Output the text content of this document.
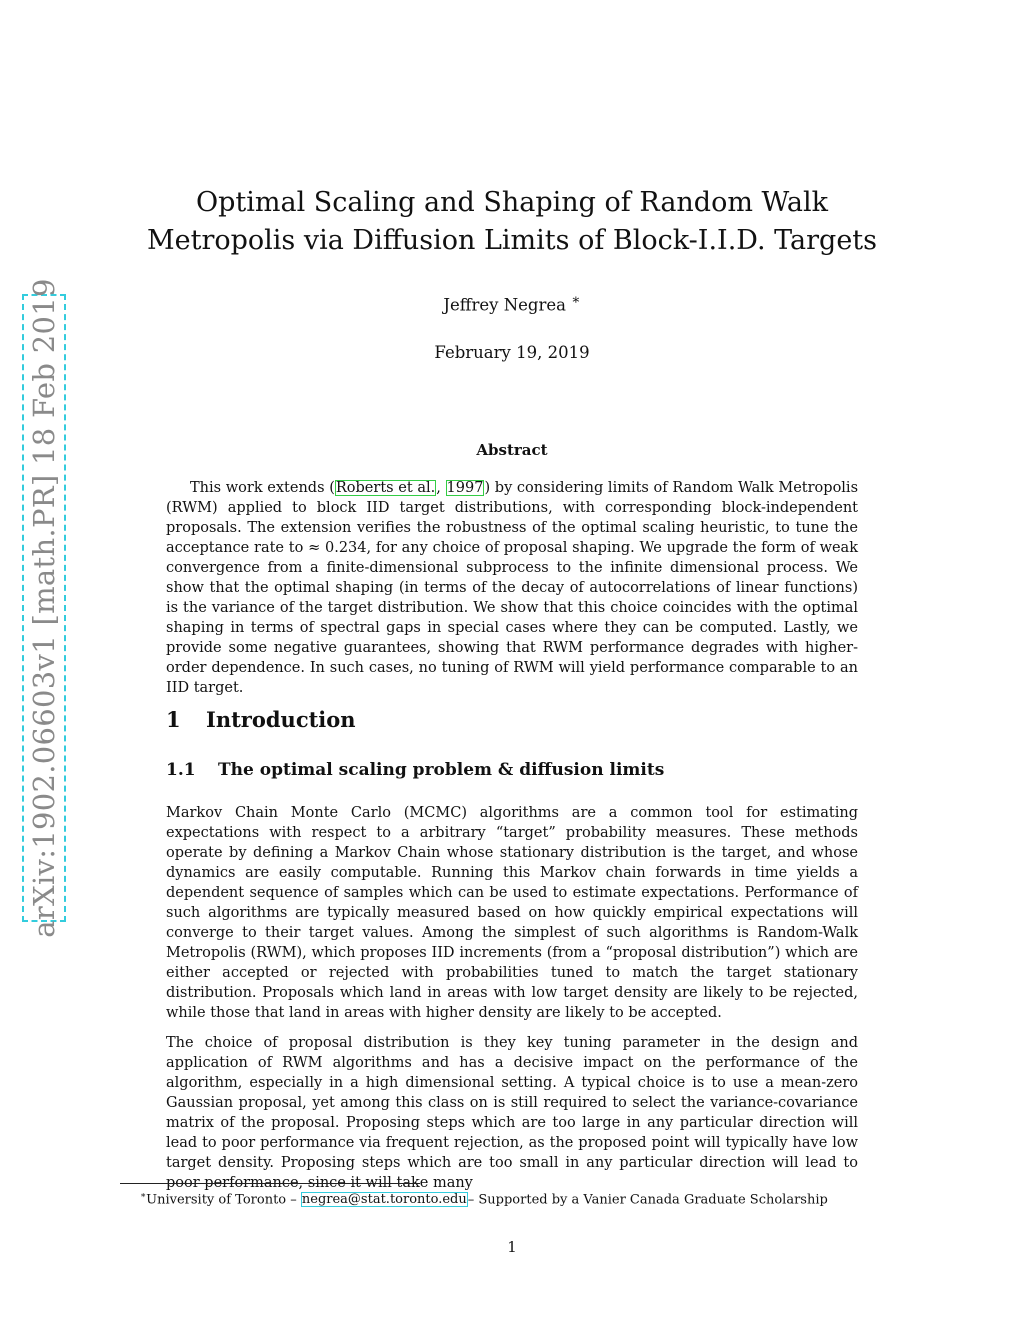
arXiv:1902.06603v1 [math.PR] 18 Feb 2019
Optimal Scaling and Shaping of Random Walk Metropolis via Diffusion Limits of Block-I.I.D. Targets
Jeffrey Negrea ∗
February 19, 2019
Abstract

This work extends (Roberts et al., 1997) by considering limits of Random Walk Metropolis (RWM) applied to block IID target distributions, with corresponding block-independent proposals. The extension verifies the robustness of the optimal scaling heuristic, to tune the acceptance rate to ≈ 0.234, for any choice of proposal shaping. We upgrade the form of weak convergence from a finite-dimensional subprocess to the infinite dimensional process. We show that the optimal shaping (in terms of the decay of autocorrelations of linear functions) is the variance of the target distribution. We show that this choice coincides with the optimal shaping in terms of spectral gaps in special cases where they can be computed. Lastly, we provide some negative guarantees, showing that RWM performance degrades with higher-order dependence. In such cases, no tuning of RWM will yield performance comparable to an IID target.

1 Introduction
1.1 The optimal scaling problem & diffusion limits

Markov Chain Monte Carlo (MCMC) algorithms are a common tool for estimating expectations with respect to a arbitrary “target” probability measures. These methods operate by defining a Markov Chain whose stationary distribution is the target, and whose dynamics are easily computable. Running this Markov chain forwards in time yields a dependent sequence of samples which can be used to estimate expectations. Performance of such algorithms are typically measured based on how quickly empirical expectations will converge to their target values. Among the simplest of such algorithms is Random-Walk Metropolis (RWM), which proposes IID increments (from a “proposal distribution”) which are either accepted or rejected with probabilities tuned to match the target stationary distribution. Proposals which land in areas with low target density are likely to be rejected, while those that land in areas with higher density are likely to be accepted.

The choice of proposal distribution is they key tuning parameter in the design and application of RWM algorithms and has a decisive impact on the performance of the algorithm, especially in a high dimensional setting. A typical choice is to use a mean-zero Gaussian proposal, yet among this class on is still required to select the variance-covariance matrix of the proposal. Proposing steps which are too large in any particular direction will lead to poor performance via frequent rejection, as the proposed point will typically have low target density. Proposing steps which are too small in any particular direction will lead to poor performance, since it will take many

∗University of Toronto – negrea@stat.toronto.edu– Supported by a Vanier Canada Graduate Scholarship
1
